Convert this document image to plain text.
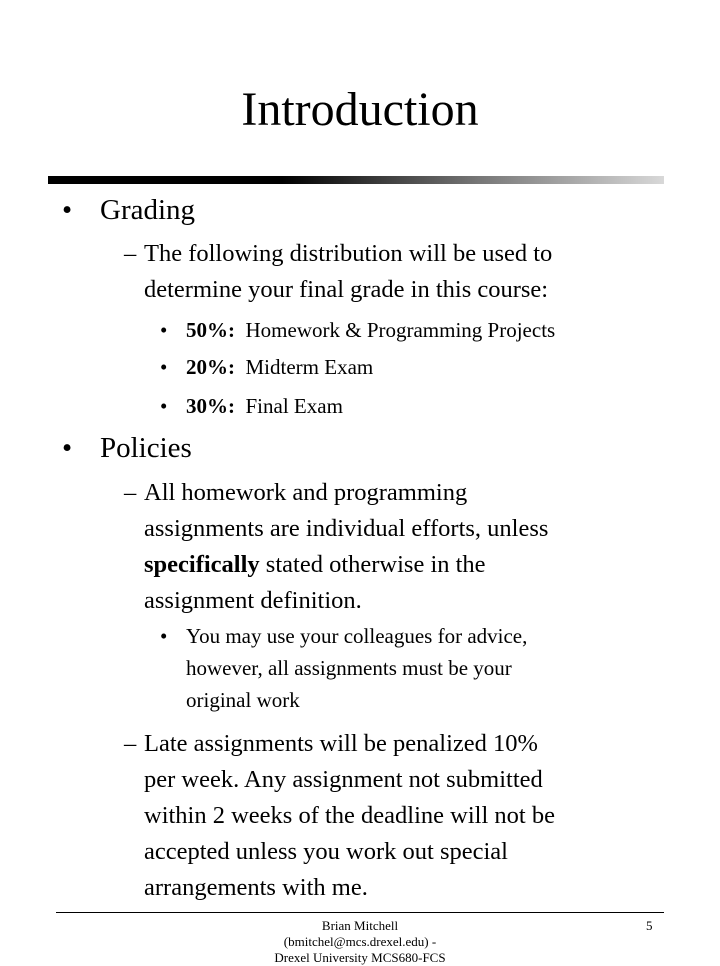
Introduction
• Grading
– The following distribution will be used to
determine your final grade in this course:
• 50%: Homework & Programming Projects
• 20%: Midterm Exam
• 30%: Final Exam
• Policies
– All homework and programming
assignments are individual efforts, unless
specifically stated otherwise in the
assignment definition.
• You may use your colleagues for advice,
however, all assignments must be your
original work
– Late assignments will be penalized 10%
per week. Any assignment not submitted
within 2 weeks of the deadline will not be
accepted unless you work out special
arrangements with me.
Brian Mitchell
(bmitchel@mcs.drexel.edu) -
Drexel University MCS680-FCS
5
